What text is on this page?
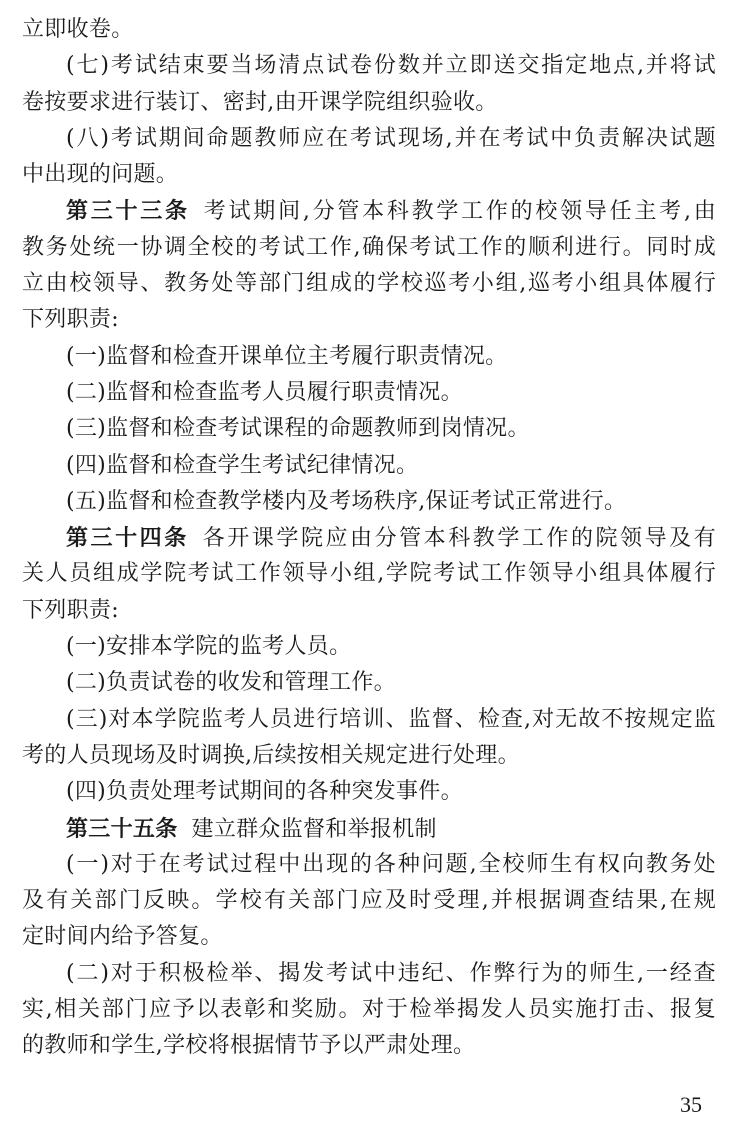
立即收卷。
(七)考试结束要当场清点试卷份数并立即送交指定地点,并将试
卷按要求进行装订、密封,由开课学院组织验收。
(八)考试期间命题教师应在考试现场,并在考试中负责解决试题
中出现的问题。
第三十三条 考试期间,分管本科教学工作的校领导任主考,由
教务处统一协调全校的考试工作,确保考试工作的顺利进行。同时成
立由校领导、教务处等部门组成的学校巡考小组,巡考小组具体履行
下列职责:
(一)监督和检查开课单位主考履行职责情况。
(二)监督和检查监考人员履行职责情况。
(三)监督和检查考试课程的命题教师到岗情况。
(四)监督和检查学生考试纪律情况。
(五)监督和检查教学楼内及考场秩序,保证考试正常进行。
第三十四条 各开课学院应由分管本科教学工作的院领导及有
关人员组成学院考试工作领导小组,学院考试工作领导小组具体履行
下列职责:
(一)安排本学院的监考人员。
(二)负责试卷的收发和管理工作。
(三)对本学院监考人员进行培训、监督、检查,对无故不按规定监
考的人员现场及时调换,后续按相关规定进行处理。
(四)负责处理考试期间的各种突发事件。
第三十五条 建立群众监督和举报机制
(一)对于在考试过程中出现的各种问题,全校师生有权向教务处
及有关部门反映。学校有关部门应及时受理,并根据调查结果,在规
定时间内给予答复。
(二)对于积极检举、揭发考试中违纪、作弊行为的师生,一经查
实,相关部门应予以表彰和奖励。对于检举揭发人员实施打击、报复
的教师和学生,学校将根据情节予以严肃处理。
35
